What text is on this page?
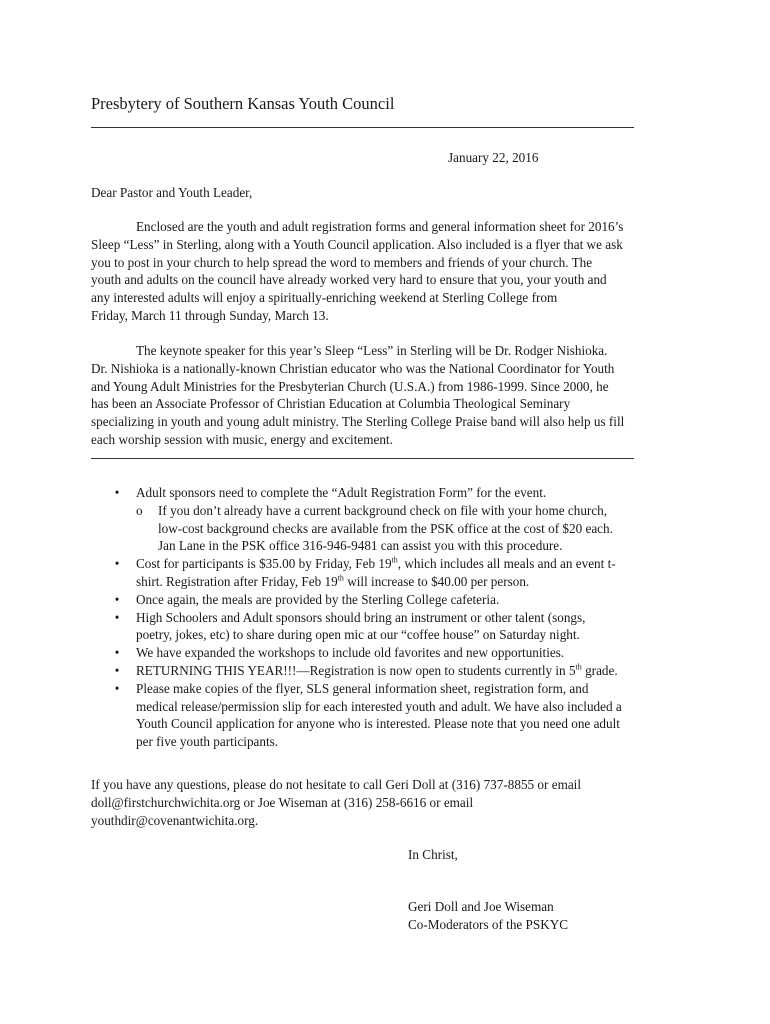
Presbytery of Southern Kansas Youth Council
January 22, 2016
Dear Pastor and Youth Leader,

Enclosed are the youth and adult registration forms and general information sheet for 2016’s
Sleep “Less” in Sterling, along with a Youth Council application. Also included is a flyer that we ask
you to post in your church to help spread the word to members and friends of your church. The
youth and adults on the council have already worked very hard to ensure that you, your youth and
any interested adults will enjoy a spiritually-enriching weekend at Sterling College from
Friday, March 11 through Sunday, March 13.

The keynote speaker for this year’s Sleep “Less” in Sterling will be Dr. Rodger Nishioka.
Dr. Nishioka is a nationally-known Christian educator who was the National Coordinator for Youth
and Young Adult Ministries for the Presbyterian Church (U.S.A.) from 1986-1999. Since 2000, he
has been an Associate Professor of Christian Education at Columbia Theological Seminary
specializing in youth and young adult ministry. The Sterling College Praise band will also help us fill
each worship session with music, energy and excitement.

• Adult sponsors need to complete the “Adult Registration Form” for the event.
o If you don’t already have a current background check on file with your home church,
low-cost background checks are available from the PSK office at the cost of $20 each.
Jan Lane in the PSK office 316-946-9481 can assist you with this procedure.
• Cost for participants is $35.00 by Friday, Feb 19th, which includes all meals and an event t-
shirt. Registration after Friday, Feb 19th will increase to $40.00 per person.
• Once again, the meals are provided by the Sterling College cafeteria.
• High Schoolers and Adult sponsors should bring an instrument or other talent (songs,
poetry, jokes, etc) to share during open mic at our “coffee house” on Saturday night.
• We have expanded the workshops to include old favorites and new opportunities.
• RETURNING THIS YEAR!!!—Registration is now open to students currently in 5th grade.
• Please make copies of the flyer, SLS general information sheet, registration form, and
medical release/permission slip for each interested youth and adult. We have also included a
Youth Council application for anyone who is interested. Please note that you need one adult
per five youth participants.
If you have any questions, please do not hesitate to call Geri Doll at (316) 737-8855 or email
doll@firstchurchwichita.org or Joe Wiseman at (316) 258-6616 or email
youthdir@covenantwichita.org.
In Christ,
Geri Doll and Joe Wiseman
Co-Moderators of the PSKYC
